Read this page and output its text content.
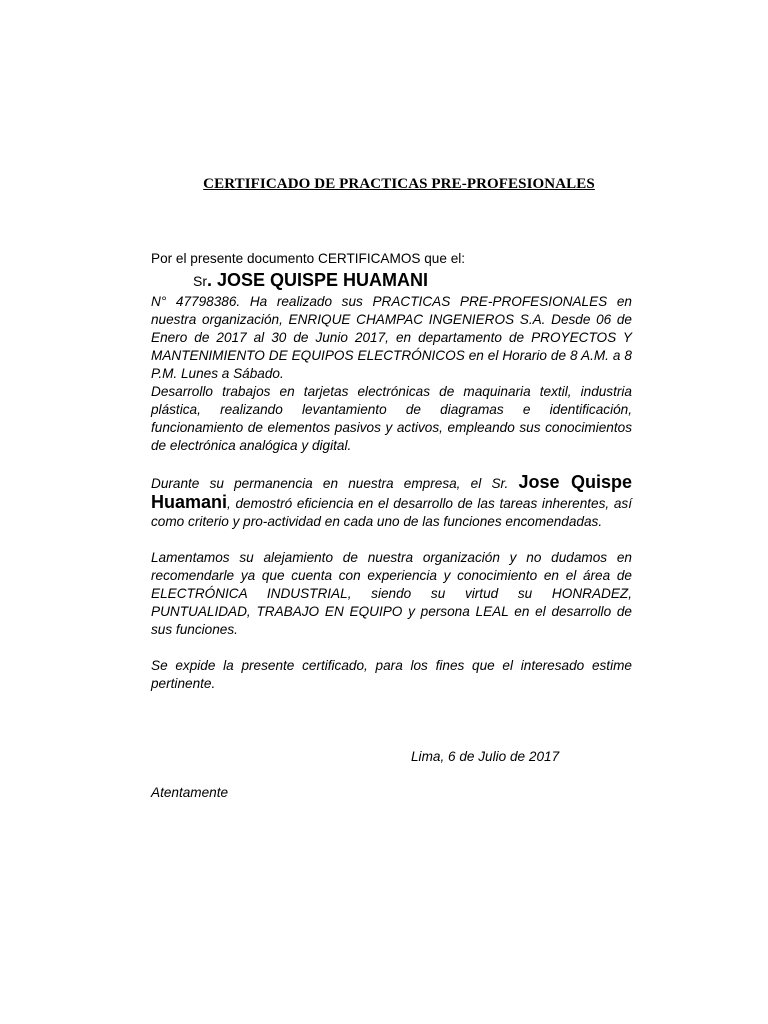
CERTIFICADO DE PRACTICAS PRE-PROFESIONALES

Por el presente documento CERTIFICAMOS que el:

Sr. JOSE QUISPE HUAMANI

N° 47798386. Ha realizado sus PRACTICAS PRE-PROFESIONALES en nuestra organización, ENRIQUE CHAMPAC INGENIEROS S.A. Desde 06 de Enero de 2017 al 30 de Junio 2017, en departamento de PROYECTOS Y MANTENIMIENTO DE EQUIPOS ELECTRÓNICOS en el Horario de 8 A.M. a 8 P.M. Lunes a Sábado.

Desarrollo trabajos en tarjetas electrónicas de maquinaria textil, industria plástica, realizando levantamiento de diagramas e identificación, funcionamiento de elementos pasivos y activos, empleando sus conocimientos de electrónica analógica y digital.

Durante su permanencia en nuestra empresa, el Sr. Jose Quispe Huamani, demostró eficiencia en el desarrollo de las tareas inherentes, así como criterio y pro-actividad en cada uno de las funciones encomendadas.

Lamentamos su alejamiento de nuestra organización y no dudamos en recomendarle ya que cuenta con experiencia y conocimiento en el área de ELECTRÓNICA INDUSTRIAL, siendo su virtud su HONRADEZ, PUNTUALIDAD, TRABAJO EN EQUIPO y persona LEAL en el desarrollo de sus funciones.

Se expide la presente certificado, para los fines que el interesado estime pertinente.

Lima, 6 de Julio de 2017
Atentamente
